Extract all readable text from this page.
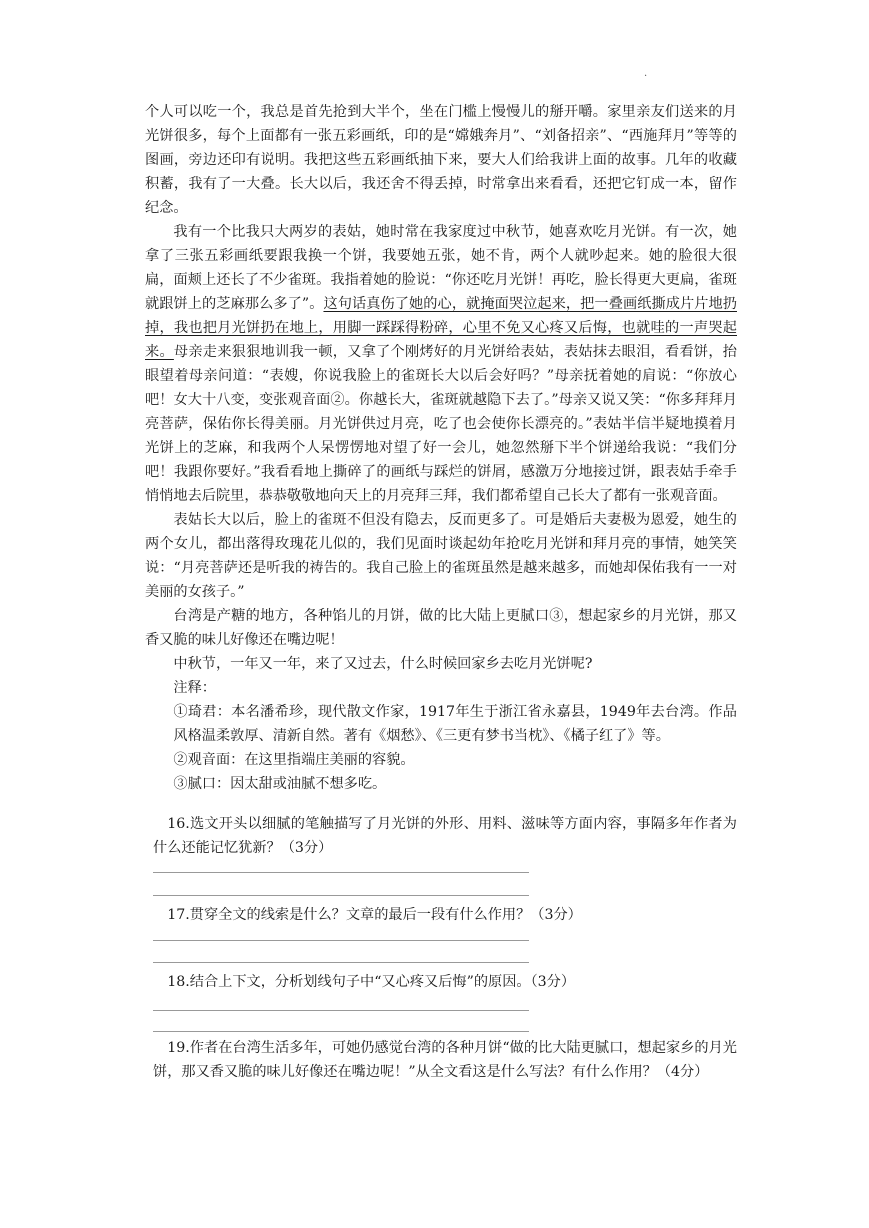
.

个人可以吃一个，我总是首先抢到大半个，坐在门槛上慢慢儿的掰开嚼。家里亲友们送来的月光饼很多，每个上面都有一张五彩画纸，印的是“嫦娥奔月”、“刘备招亲”、“西施拜月”等等的图画，旁边还印有说明。我把这些五彩画纸抽下来，要大人们给我讲上面的故事。几年的收藏积蓄，我有了一大叠。长大以后，我还舍不得丢掉，时常拿出来看看，还把它钉成一本，留作纪念。

我有一个比我只大两岁的表姑，她时常在我家度过中秋节，她喜欢吃月光饼。有一次，她拿了三张五彩画纸要跟我换一个饼，我要她五张，她不肯，两个人就吵起来。她的脸很大很扁，面颊上还长了不少雀斑。我指着她的脸说：“你还吃月光饼！再吃，脸长得更大更扁，雀斑就跟饼上的芝麻那么多了”。这句话真伤了她的心，就掩面哭泣起来，把一叠画纸撕成片片地扔掉，我也把月光饼扔在地上，用脚一踩踩得粉碎，心里不免又心疼又后悔，也就哇的一声哭起来。母亲走来狠狠地训我一顿，又拿了个刚烤好的月光饼给表姑，表姑抹去眼泪，看看饼，抬眼望着母亲问道：“表嫂，你说我脸上的雀斑长大以后会好吗？”母亲抚着她的肩说：“你放心吧！女大十八变，变张观音面②。你越长大，雀斑就越隐下去了。”母亲又说又笑：“你多拜拜月亮菩萨，保佑你长得美丽。月光饼供过月亮，吃了也会使你长漂亮的。”表姑半信半疑地摸着月光饼上的芝麻，和我两个人呆愣愣地对望了好一会儿，她忽然掰下半个饼递给我说：“我们分吧！我跟你要好。”我看看地上撕碎了的画纸与踩烂的饼屑，感激万分地接过饼，跟表姑手牵手悄悄地去后院里，恭恭敬敬地向天上的月亮拜三拜，我们都希望自己长大了都有一张观音面。

表姑长大以后，脸上的雀斑不但没有隐去，反而更多了。可是婚后夫妻极为恩爱，她生的两个女儿，都出落得玫瑰花儿似的，我们见面时谈起幼年抢吃月光饼和拜月亮的事情，她笑笑说：“月亮菩萨还是听我的祷告的。我自己脸上的雀斑虽然是越来越多，而她却保佑我有一一对美丽的女孩子。”

台湾是产糖的地方，各种馅儿的月饼，做的比大陆上更腻口③，想起家乡的月光饼，那又香又脆的味儿好像还在嘴边呢！

中秋节，一年又一年，来了又过去，什么时候回家乡去吃月光饼呢?

注释：

①琦君：本名潘希珍，现代散文作家，1917年生于浙江省永嘉县，1949年去台湾。作品风格温柔敦厚、清新自然。著有《烟愁》、《三更有梦书当枕》、《橘子红了》等。

②观音面：在这里指端庄美丽的容貌。

③腻口：因太甜或油腻不想多吃。

16.选文开头以细腻的笔触描写了月光饼的外形、用料、滋味等方面内容，事隔多年作者为什么还能记忆犹新？（3分）

17.贯穿全文的线索是什么？文章的最后一段有什么作用？（3分）

18.结合上下文，分析划线句子中“又心疼又后悔”的原因。（3分）

19.作者在台湾生活多年，可她仍感觉台湾的各种月饼“做的比大陆更腻口，想起家乡的月光饼，那又香又脆的味儿好像还在嘴边呢！”从全文看这是什么写法？有什么作用？（4分）
